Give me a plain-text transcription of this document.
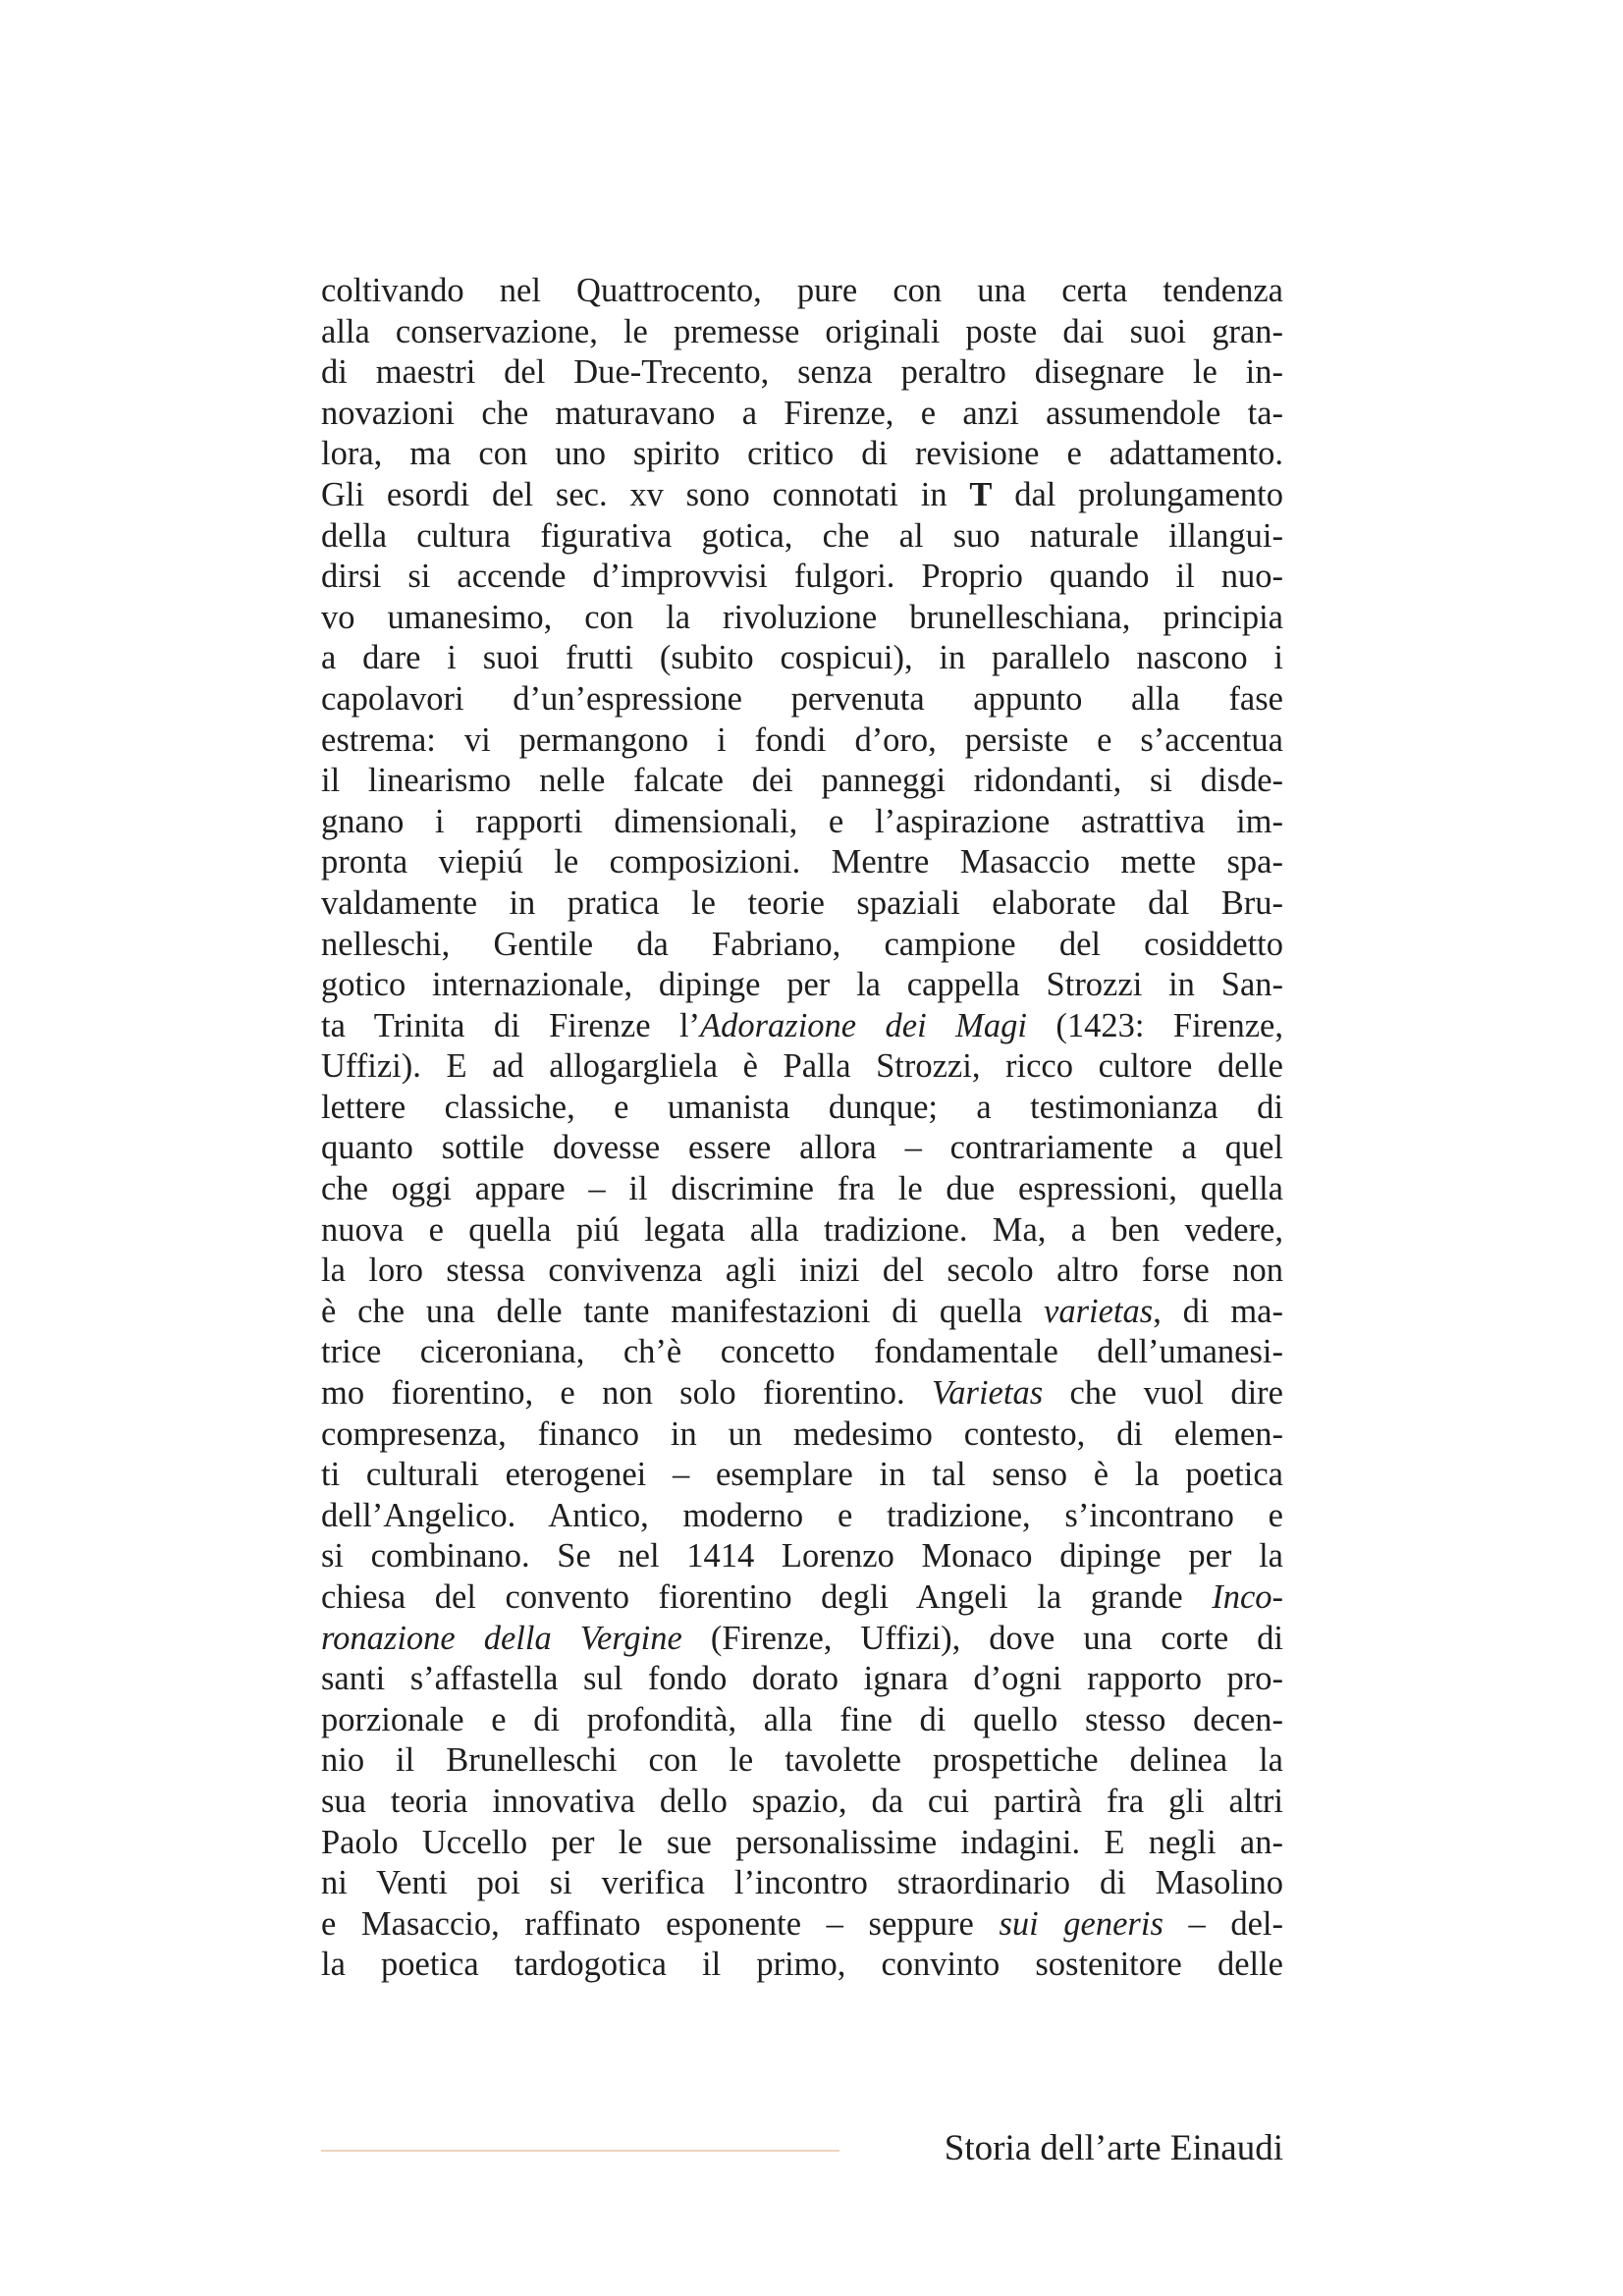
coltivando nel Quattrocento, pure con una certa tendenza
alla conservazione, le premesse originali poste dai suoi gran-
di maestri del Due-Trecento, senza peraltro disegnare le in-
novazioni che maturavano a Firenze, e anzi assumendole ta-
lora, ma con uno spirito critico di revisione e adattamento.
Gli esordi del sec. xv sono connotati in T dal prolungamento
della cultura figurativa gotica, che al suo naturale illangui-
dirsi si accende d’improvvisi fulgori. Proprio quando il nuo-
vo umanesimo, con la rivoluzione brunelleschiana, principia
a dare i suoi frutti (subito cospicui), in parallelo nascono i
capolavori d’un’espressione pervenuta appunto alla fase
estrema: vi permangono i fondi d’oro, persiste e s’accentua
il linearismo nelle falcate dei panneggi ridondanti, si disde-
gnano i rapporti dimensionali, e l’aspirazione astrattiva im-
pronta viepiú le composizioni. Mentre Masaccio mette spa-
valdamente in pratica le teorie spaziali elaborate dal Bru-
nelleschi, Gentile da Fabriano, campione del cosiddetto
gotico internazionale, dipinge per la cappella Strozzi in San-
ta Trinita di Firenze l’Adorazione dei Magi (1423: Firenze,
Uffizi). E ad allogargliela è Palla Strozzi, ricco cultore delle
lettere classiche, e umanista dunque; a testimonianza di
quanto sottile dovesse essere allora – contrariamente a quel
che oggi appare – il discrimine fra le due espressioni, quella
nuova e quella piú legata alla tradizione. Ma, a ben vedere,
la loro stessa convivenza agli inizi del secolo altro forse non
è che una delle tante manifestazioni di quella varietas, di ma-
trice ciceroniana, ch’è concetto fondamentale dell’umanesi-
mo fiorentino, e non solo fiorentino. Varietas che vuol dire
compresenza, financo in un medesimo contesto, di elemen-
ti culturali eterogenei – esemplare in tal senso è la poetica
dell’Angelico. Antico, moderno e tradizione, s’incontrano e
si combinano. Se nel 1414 Lorenzo Monaco dipinge per la
chiesa del convento fiorentino degli Angeli la grande Inco-
ronazione della Vergine (Firenze, Uffizi), dove una corte di
santi s’affastella sul fondo dorato ignara d’ogni rapporto pro-
porzionale e di profondità, alla fine di quello stesso decen-
nio il Brunelleschi con le tavolette prospettiche delinea la
sua teoria innovativa dello spazio, da cui partirà fra gli altri
Paolo Uccello per le sue personalissime indagini. E negli an-
ni Venti poi si verifica l’incontro straordinario di Masolino
e Masaccio, raffinato esponente – seppure sui generis – del-
la poetica tardogotica il primo, convinto sostenitore delle
Storia dell’arte Einaudi
